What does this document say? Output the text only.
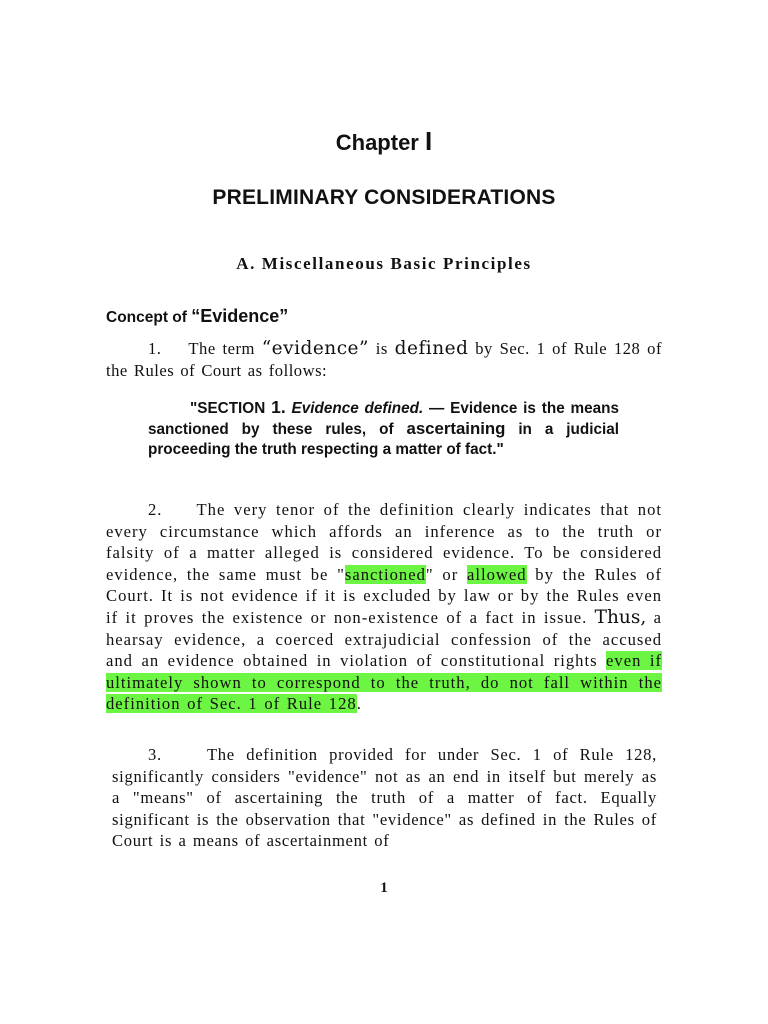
Chapter I
PRELIMINARY CONSIDERATIONS
A. Miscellaneous Basic Principles
Concept of “Evidence”
1. The term “evidence” is defined by Sec. 1 of Rule 128 of the Rules of Court as follows:
"SECTION 1. Evidence defined. — Evidence is the means sanctioned by these rules, of ascertaining in a judicial proceeding the truth respecting a matter of fact."
2. The very tenor of the definition clearly indicates that not every circumstance which affords an inference as to the truth or falsity of a matter alleged is considered evidence. To be considered evidence, the same must be "sanctioned" or allowed by the Rules of Court. It is not evidence if it is excluded by law or by the Rules even if it proves the existence or non-existence of a fact in issue. Thus, a hearsay evidence, a coerced extrajudicial confession of the accused and an evidence obtained in violation of constitutional rights even if ultimately shown to correspond to the truth, do not fall within the definition of Sec. 1 of Rule 128.
3.	The definition provided for under Sec. 1 of Rule 128, significantly considers "evidence" not as an end in itself but merely as a "means" of ascertaining the truth of a matter of fact. Equally significant is the observation that "evidence" as defined in the Rules of Court is a means of ascertainment of
1
